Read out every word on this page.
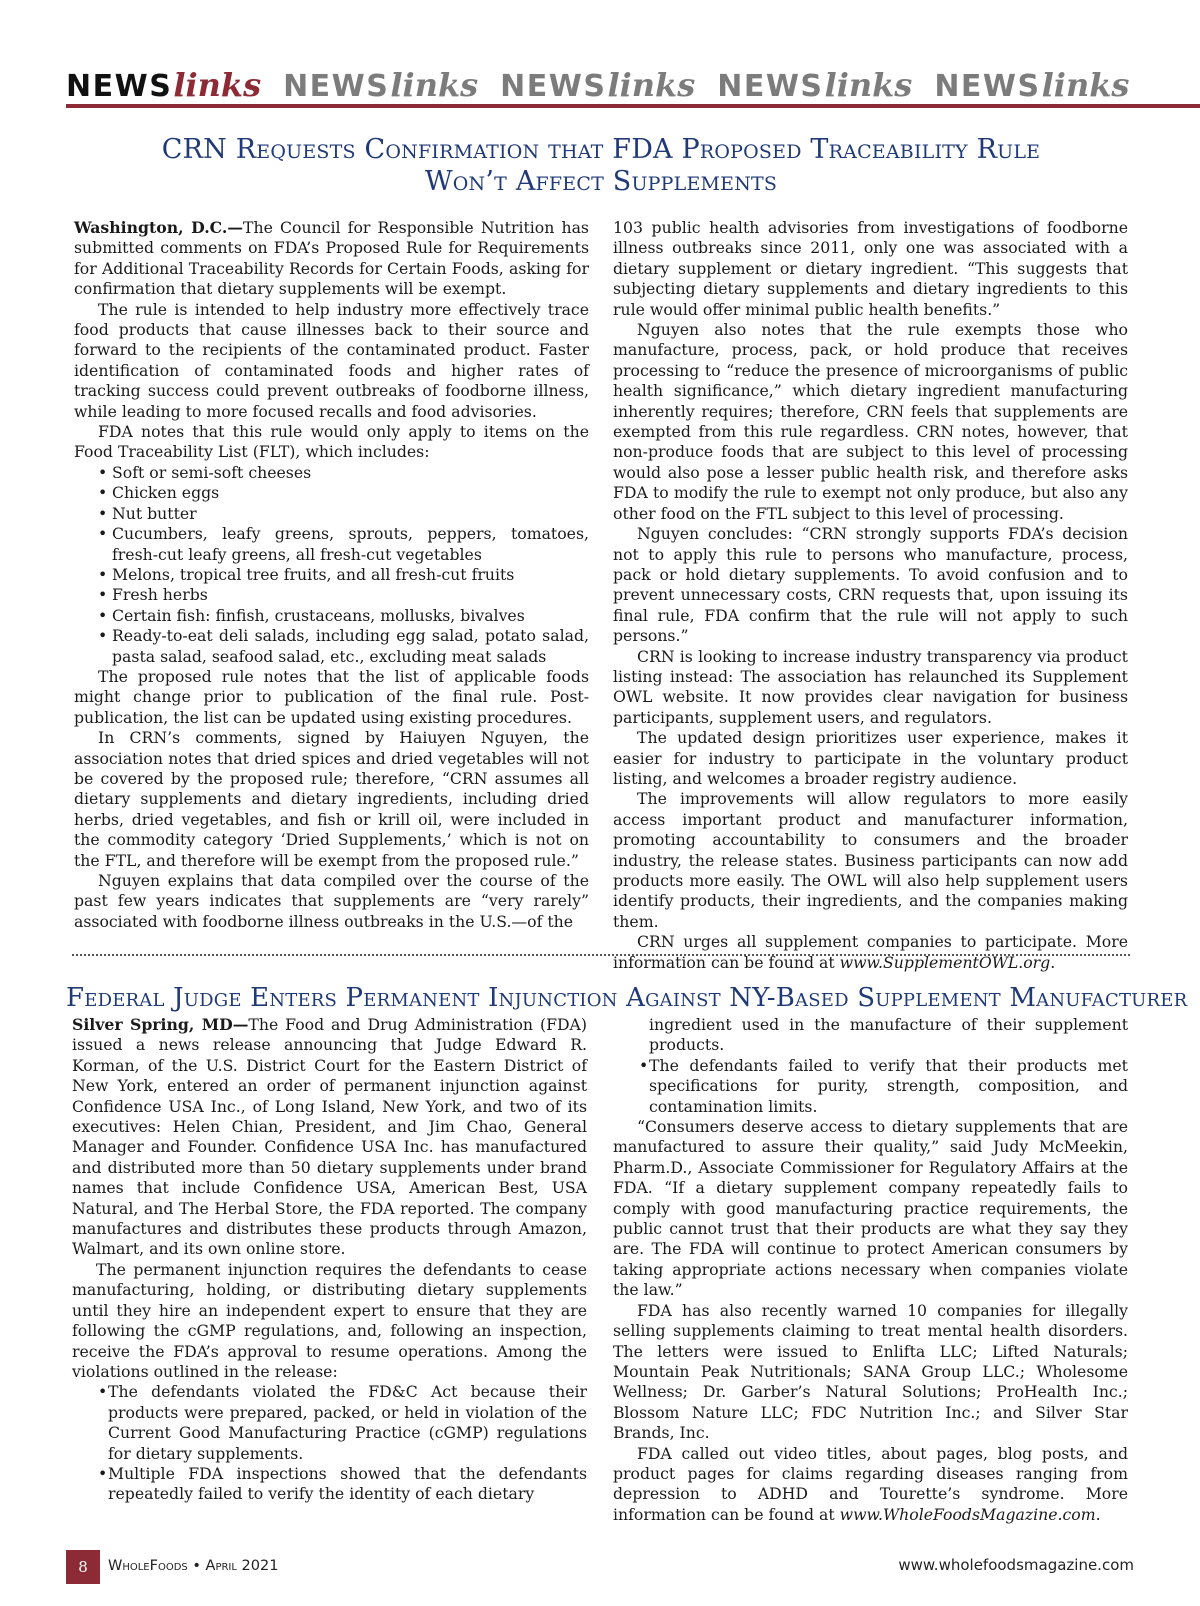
NEWS links NEWS links NEWS links NEWS links NEWS links
CRN Requests Confirmation that FDA Proposed Traceability Rule
Won’t Affect Supplements

Washington, D.C.—The Council for Responsible Nutrition has submitted comments on FDA’s Proposed Rule for Requirements for Additional Traceability Records for Certain Foods, asking for confirmation that dietary supplements will be exempt.

The rule is intended to help industry more effectively trace food products that cause illnesses back to their source and forward to the recipients of the contaminated product. Faster identification of contaminated foods and higher rates of tracking success could prevent outbreaks of foodborne illness, while leading to more focused recalls and food advisories.

FDA notes that this rule would only apply to items on the Food Traceability List (FLT), which includes:

• Soft or semi-soft cheeses
• Chicken eggs
• Nut butter
• Cucumbers, leafy greens, sprouts, peppers, tomatoes, fresh-cut leafy greens, all fresh-cut vegetables
• Melons, tropical tree fruits, and all fresh-cut fruits
• Fresh herbs
• Certain fish: finfish, crustaceans, mollusks, bivalves
• Ready-to-eat deli salads, including egg salad, potato salad, pasta salad, seafood salad, etc., excluding meat salads

The proposed rule notes that the list of applicable foods might change prior to publication of the final rule. Post-publication, the list can be updated using existing procedures.

In CRN’s comments, signed by Haiuyen Nguyen, the association notes that dried spices and dried vegetables will not be covered by the proposed rule; therefore, “CRN assumes all dietary supplements and dietary ingredients, including dried herbs, dried vegetables, and fish or krill oil, were included in the commodity category ‘Dried Supplements,’ which is not on the FTL, and therefore will be exempt from the proposed rule.”

Nguyen explains that data compiled over the course of the past few years indicates that supplements are “very rarely” associated with foodborne illness outbreaks in the U.S.—of the

103 public health advisories from investigations of foodborne illness outbreaks since 2011, only one was associated with a dietary supplement or dietary ingredient. “This suggests that subjecting dietary supplements and dietary ingredients to this rule would offer minimal public health benefits.”

Nguyen also notes that the rule exempts those who manufacture, process, pack, or hold produce that receives processing to “reduce the presence of microorganisms of public health significance,” which dietary ingredient manufacturing inherently requires; therefore, CRN feels that supplements are exempted from this rule regardless. CRN notes, however, that non-produce foods that are subject to this level of processing would also pose a lesser public health risk, and therefore asks FDA to modify the rule to exempt not only produce, but also any other food on the FTL subject to this level of processing.

Nguyen concludes: “CRN strongly supports FDA’s decision not to apply this rule to persons who manufacture, process, pack or hold dietary supplements. To avoid confusion and to prevent unnecessary costs, CRN requests that, upon issuing its final rule, FDA confirm that the rule will not apply to such persons.”

CRN is looking to increase industry transparency via product listing instead: The association has relaunched its Supplement OWL website. It now provides clear navigation for business participants, supplement users, and regulators.

The updated design prioritizes user experience, makes it easier for industry to participate in the voluntary product listing, and welcomes a broader registry audience.

The improvements will allow regulators to more easily access important product and manufacturer information, promoting accountability to consumers and the broader industry, the release states. Business participants can now add products more easily. The OWL will also help supplement users identify products, their ingredients, and the companies making them.

CRN urges all supplement companies to participate. More information can be found at www.SupplementOWL.org.

Federal Judge Enters Permanent Injunction Against NY-Based Supplement Manufacturer

Silver Spring, MD—The Food and Drug Administration (FDA) issued a news release announcing that Judge Edward R. Korman, of the U.S. District Court for the Eastern District of New York, entered an order of permanent injunction against Confidence USA Inc., of Long Island, New York, and two of its executives: Helen Chian, President, and Jim Chao, General Manager and Founder. Confidence USA Inc. has manufactured and distributed more than 50 dietary supplements under brand names that include Confidence USA, American Best, USA Natural, and The Herbal Store, the FDA reported. The company manufactures and distributes these products through Amazon, Walmart, and its own online store.

The permanent injunction requires the defendants to cease manufacturing, holding, or distributing dietary supplements until they hire an independent expert to ensure that they are following the cGMP regulations, and, following an inspection, receive the FDA’s approval to resume operations. Among the violations outlined in the release:

• The defendants violated the FD&C Act because their products were prepared, packed, or held in violation of the Current Good Manufacturing Practice (cGMP) regulations for dietary supplements.
• Multiple FDA inspections showed that the defendants repeatedly failed to verify the identity of each dietary
ingredient used in the manufacture of their supplement products.
• The defendants failed to verify that their products met specifications for purity, strength, composition, and contamination limits.

“Consumers deserve access to dietary supplements that are manufactured to assure their quality,” said Judy McMeekin, Pharm.D., Associate Commissioner for Regulatory Affairs at the FDA. “If a dietary supplement company repeatedly fails to comply with good manufacturing practice requirements, the public cannot trust that their products are what they say they are. The FDA will continue to protect American consumers by taking appropriate actions necessary when companies violate the law.”

FDA has also recently warned 10 companies for illegally selling supplements claiming to treat mental health disorders. The letters were issued to Enlifta LLC; Lifted Naturals; Mountain Peak Nutritionals; SANA Group LLC.; Wholesome Wellness; Dr. Garber’s Natural Solutions; ProHealth Inc.; Blossom Nature LLC; FDC Nutrition Inc.; and Silver Star Brands, Inc.

FDA called out video titles, about pages, blog posts, and product pages for claims regarding diseases ranging from depression to ADHD and Tourette’s syndrome. More information can be found at www.WholeFoodsMagazine.com.

8	WholeFoods • April 2021	www.wholefoodsmagazine.com
